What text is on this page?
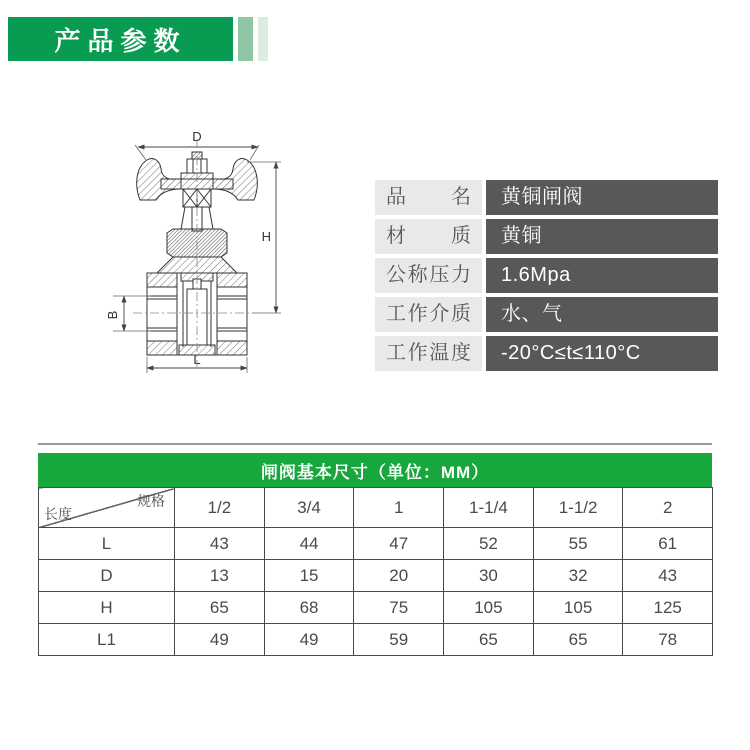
产品参数
D
H
B
L
品名	黄铜闸阀
材质	黄铜
公称压力	1.6Mpa
工作介质	水、气
工作温度	-20°C≤t≤110°C
闸阀基本尺寸（单位：MM）
长度
规格	1/2	3/4	1	1-1/4	1-1/2	2
L	43	44	47	52	55	61
D	13	15	20	30	32	43
H	65	68	75	105	105	125
L1	49	49	59	65	65	78
